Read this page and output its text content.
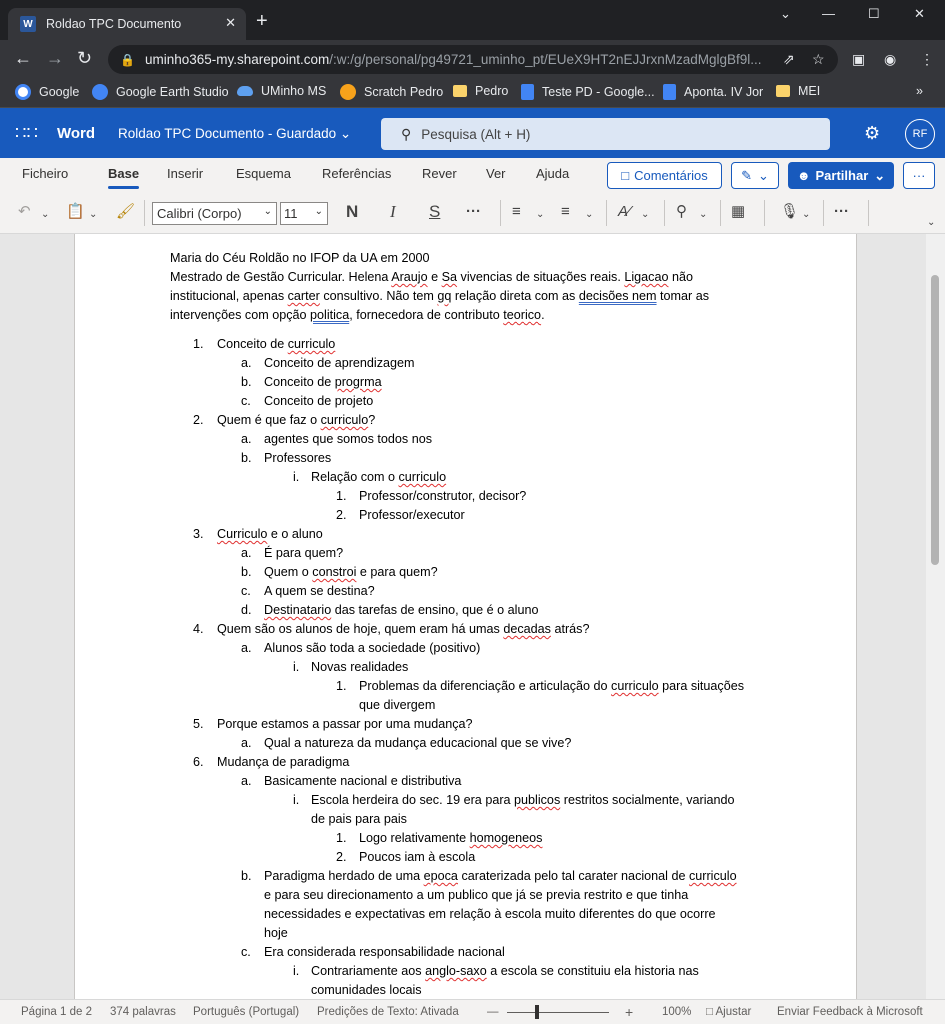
W Roldao TPC Documento	✕ +	⌄ —	☐	✕
← → ↻ 🔒 uminho365-my.sharepoint.com /:w:/g/personal/pg49721_uminho_pt/EUeX9HT2nEJJrxnMzadMglgBf9l... ⇗ ☆ ▣ ◉ ⋮
Google	Google Earth Studio	UMinho MS	Scratch Pedro	Pedro	Teste PD - Google... Aponta. IV Jor	MEI	»
∷∷ Word Roldao TPC Documento - Guardado ⌄	⚲ Pesquisa (Alt + H)	⚙	RF
Ficheiro	Base Inserir	Esquema Referências Rever Ver Ajuda	□ Comentários	✎ ⌄ ☻ Partilhar ⌄	···
↶ ⌄ 📋 ⌄ 🖌 Calibri (Corpo) ⌄ 11 ⌄ N I S ··· ≡ ⌄ ≡ ⌄ A⁄ ⌄ ⚲ ⌄ ▦ 🎙 ⌄ ···
⌄
Maria do Céu Roldão no IFOP da UA em 2000
Mestrado de Gestão Curricular. Helena Araujo e Sa vivencias de situações reais. Ligacao não
institucional, apenas carter consultivo. Não tem gq relação direta com as decisões nem tomar as
intervenções com opção politica, fornecedora de contributo teorico.
1. Conceito de curriculo
a. Conceito de aprendizagem
b. Conceito de progrma
c. Conceito de projeto
2. Quem é que faz o curriculo?
a. agentes que somos todos nos
b. Professores
i. Relação com o curriculo
1. Professor/construtor, decisor?
2. Professor/executor
3. Curriculo e o aluno
a. É para quem?
b. Quem o constroi e para quem?
c. A quem se destina?
d. Destinatario das tarefas de ensino, que é o aluno
4. Quem são os alunos de hoje, quem eram há umas decadas atrás?
a. Alunos são toda a sociedade (positivo)
i. Novas realidades
1. Problemas da diferenciação e articulação do curriculo para situações
que divergem
5. Porque estamos a passar por uma mudança?
a. Qual a natureza da mudança educacional que se vive?
6. Mudança de paradigma
a. Basicamente nacional e distributiva
i. Escola herdeira do sec. 19 era para publicos restritos socialmente, variando
de pais para pais
1. Logo relativamente homogeneos
2. Poucos iam à escola
b. Paradigma herdado de uma epoca caraterizada pelo tal carater nacional de curriculo
e para seu direcionamento a um publico que já se previa restrito e que tinha
necessidades e expectativas em relação à escola muito diferentes do que ocorre
hoje
c. Era considerada responsabilidade nacional
i. Contrariamente aos anglo-saxo a escola se constituiu ela historia nas
comunidades locais
Página 1 de 2 374 palavras Português (Portugal) Predições de Texto: Ativada —	+	100% □ Ajustar Enviar Feedback à Microsoft
